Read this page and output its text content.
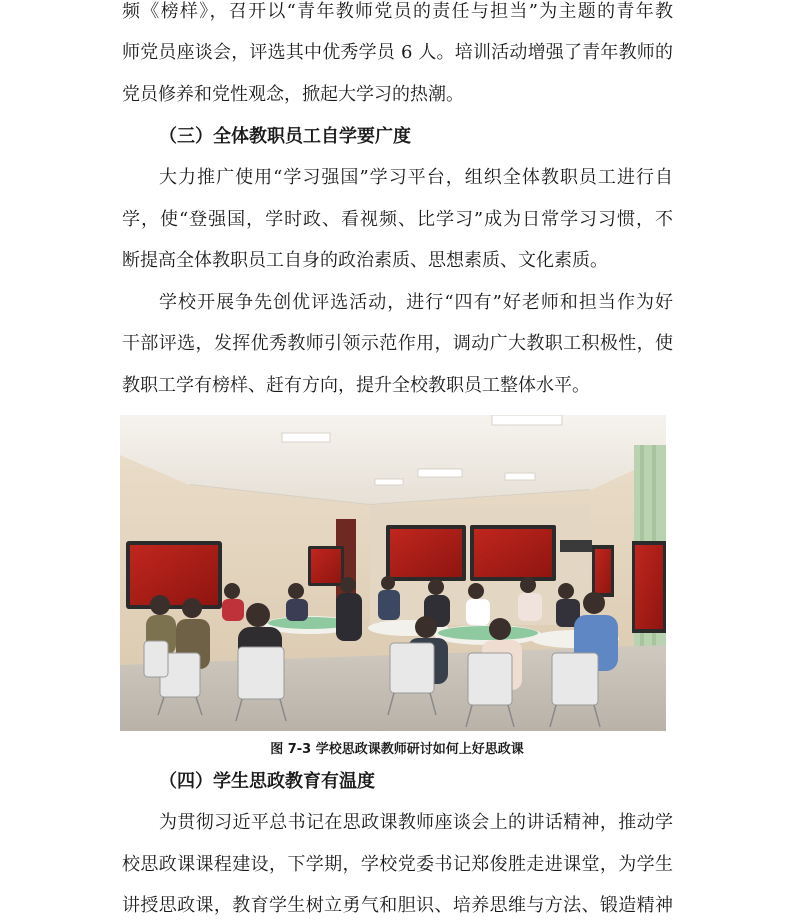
频《榜样》，召开以“青年教师党员的责任与担当”为主题的青年教
师党员座谈会，评选其中优秀学员 6 人。培训活动增强了青年教师的
党员修养和党性观念，掀起大学习的热潮。
（三）全体教职员工自学要广度
大力推广使用“学习强国”学习平台，组织全体教职员工进行自
学，使“登强国，学时政、看视频、比学习”成为日常学习习惯，不
断提高全体教职员工自身的政治素质、思想素质、文化素质。
学校开展争先创优评选活动，进行“四有”好老师和担当作为好
干部评选，发挥优秀教师引领示范作用，调动广大教职工积极性，使
教职工学有榜样、赶有方向，提升全校教职员工整体水平。
图 7-3 学校思政课教师研讨如何上好思政课
（四）学生思政教育有温度
为贯彻习近平总书记在思政课教师座谈会上的讲话精神，推动学
校思政课课程建设，下学期，学校党委书记郑俊胜走进课堂，为学生
讲授思政课，教育学生树立勇气和胆识、培养思维与方法、锻造精神
